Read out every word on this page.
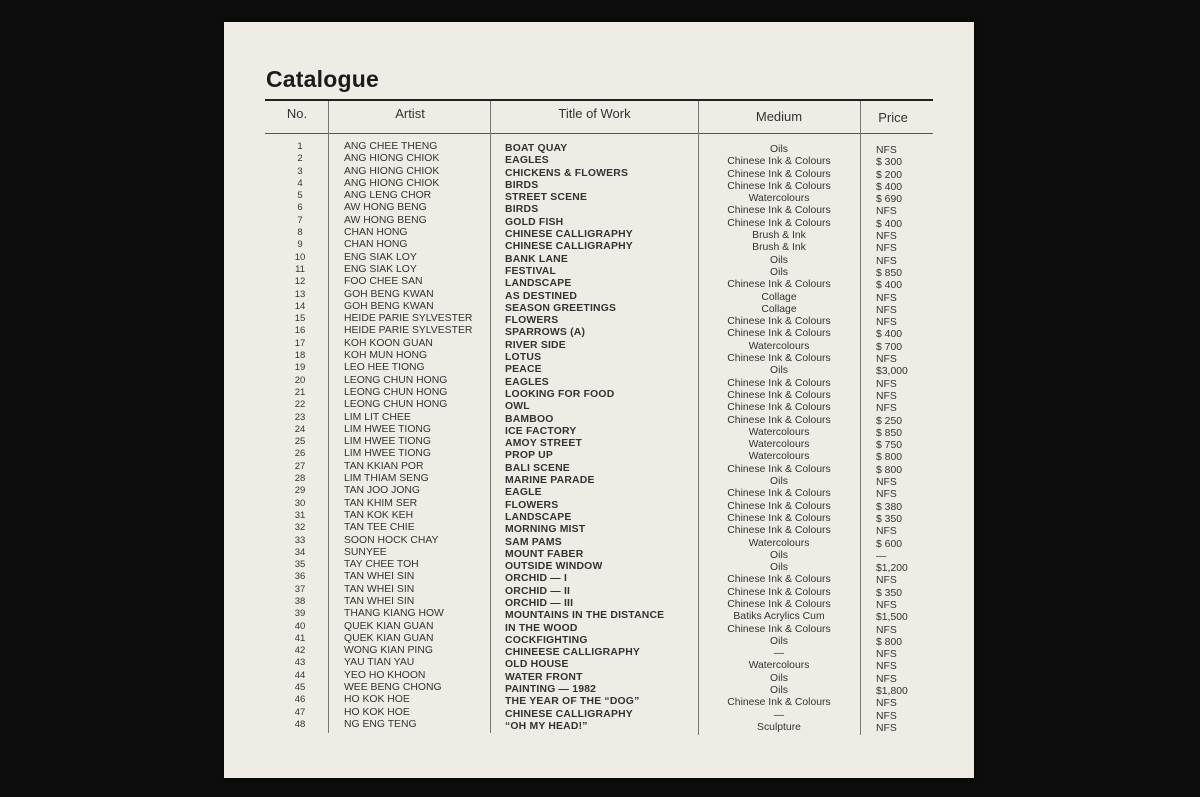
Catalogue
No.	Artist	Title of Work	Medium	Price
1	ANG CHEE THENG	BOAT QUAY	Oils	NFS
2	ANG HIONG CHIOK	EAGLES	Chinese Ink & Colours	$ 300
3	ANG HIONG CHIOK	CHICKENS & FLOWERS	Chinese Ink & Colours	$ 200
4	ANG HIONG CHIOK	BIRDS	Chinese Ink & Colours	$ 400
5	ANG LENG CHOR	STREET SCENE	Watercolours	$ 690
6	AW HONG BENG	BIRDS	Chinese Ink & Colours	NFS
7	AW HONG BENG	GOLD FISH	Chinese Ink & Colours	$ 400
8	CHAN HONG	CHINESE CALLIGRAPHY	Brush & Ink	NFS
9	CHAN HONG	CHINESE CALLIGRAPHY	Brush & Ink	NFS
10	ENG SIAK LOY	BANK LANE	Oils	NFS
11	ENG SIAK LOY	FESTIVAL	Oils	$ 850
12	FOO CHEE SAN	LANDSCAPE	Chinese Ink & Colours	$ 400
13	GOH BENG KWAN	AS DESTINED	Collage	NFS
14	GOH BENG KWAN	SEASON GREETINGS	Collage	NFS
15	HEIDE PARIE SYLVESTER	FLOWERS	Chinese Ink & Colours	NFS
16	HEIDE PARIE SYLVESTER	SPARROWS (A)	Chinese Ink & Colours	$ 400
17	KOH KOON GUAN	RIVER SIDE	Watercolours	$ 700
18	KOH MUN HONG	LOTUS	Chinese Ink & Colours	NFS
19	LEO HEE TIONG	PEACE	Oils	$3,000
20	LEONG CHUN HONG	EAGLES	Chinese Ink & Colours	NFS
21	LEONG CHUN HONG	LOOKING FOR FOOD	Chinese Ink & Colours	NFS
22	LEONG CHUN HONG	OWL	Chinese Ink & Colours	NFS
23	LIM LIT CHEE	BAMBOO	Chinese Ink & Colours	$ 250
24	LIM HWEE TIONG	ICE FACTORY	Watercolours	$ 850
25	LIM HWEE TIONG	AMOY STREET	Watercolours	$ 750
26	LIM HWEE TIONG	PROP UP	Watercolours	$ 800
27	TAN KKIAN POR	BALI SCENE	Chinese Ink & Colours	$ 800
28	LIM THIAM SENG	MARINE PARADE	Oils	NFS
29	TAN JOO JONG	EAGLE	Chinese Ink & Colours	NFS
30	TAN KHIM SER	FLOWERS	Chinese Ink & Colours	$ 380
31	TAN KOK KEH	LANDSCAPE	Chinese Ink & Colours	$ 350
32	TAN TEE CHIE	MORNING MIST	Chinese Ink & Colours	NFS
33	SOON HOCK CHAY	SAM PAMS	Watercolours	$ 600
34	SUNYEE	MOUNT FABER	Oils	—
35	TAY CHEE TOH	OUTSIDE WINDOW	Oils	$1,200
36	TAN WHEI SIN	ORCHID — I	Chinese Ink & Colours	NFS
37	TAN WHEI SIN	ORCHID — II	Chinese Ink & Colours	$ 350
38	TAN WHEI SIN	ORCHID — III	Chinese Ink & Colours	NFS
39	THANG KIANG HOW	MOUNTAINS IN THE DISTANCE	Batiks Acrylics Cum	$1,500
40	QUEK KIAN GUAN	IN THE WOOD	Chinese Ink & Colours	NFS
41	QUEK KIAN GUAN	COCKFIGHTING	Oils	$ 800
42	WONG KIAN PING	CHINEESE CALLIGRAPHY	—	NFS
43	YAU TIAN YAU	OLD HOUSE	Watercolours	NFS
44	YEO HO KHOON	WATER FRONT	Oils	NFS
45	WEE BENG CHONG	PAINTING — 1982	Oils	$1,800
46	HO KOK HOE	THE YEAR OF THE “DOG”	Chinese Ink & Colours	NFS
47	HO KOK HOE	CHINESE CALLIGRAPHY	—	NFS
48	NG ENG TENG	“OH MY HEAD!”	Sculpture	NFS
